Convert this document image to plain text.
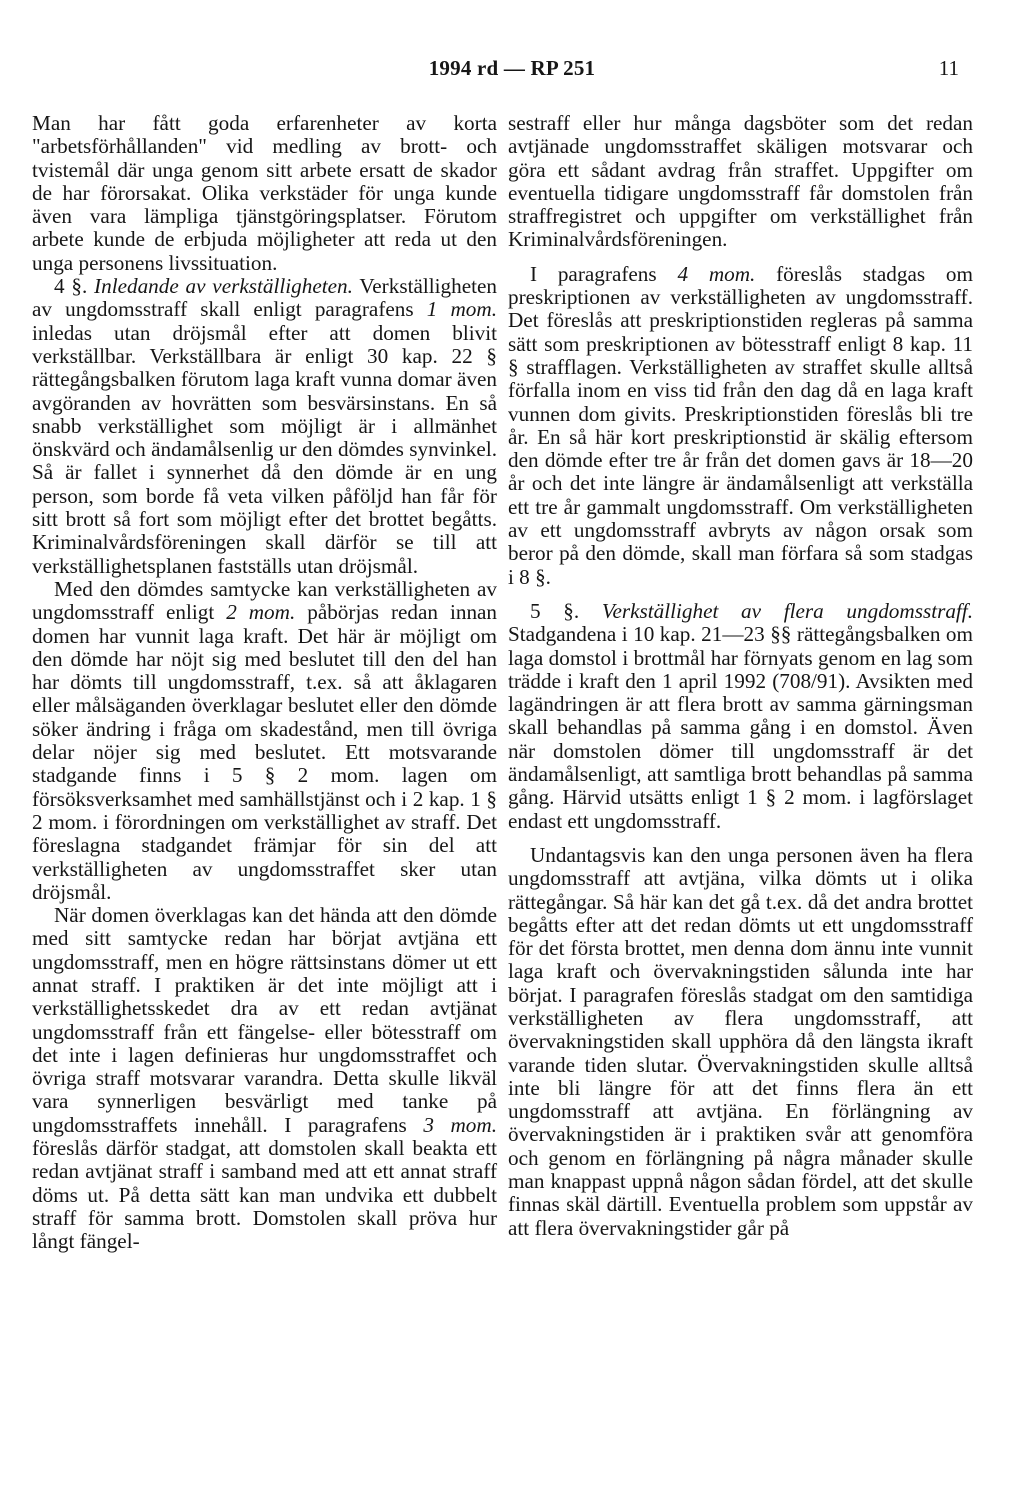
1994 rd — RP 251	11

Man har fått goda erfarenheter av korta "arbetsförhållanden" vid medling av brott- och tvistemål där unga genom sitt arbete ersatt de skador de har förorsakat. Olika verkstäder för unga kunde även vara lämpliga tjänstgöringsplatser. Förutom arbete kunde de erbjuda möjligheter att reda ut den unga personens livssituation.

4 §. Inledande av verkställigheten. Verkställigheten av ungdomsstraff skall enligt paragrafens 1 mom. inledas utan dröjsmål efter att domen blivit verkställbar. Verkställbara är enligt 30 kap. 22 § rättegångsbalken förutom laga kraft vunna domar även avgöranden av hovrätten som besvärsinstans. En så snabb verkställighet som möjligt är i allmänhet önskvärd och ändamålsenlig ur den dömdes synvinkel. Så är fallet i synnerhet då den dömde är en ung person, som borde få veta vilken påföljd han får för sitt brott så fort som möjligt efter det brottet begåtts. Kriminalvårdsföreningen skall därför se till att verkställighetsplanen fastställs utan dröjsmål.

Med den dömdes samtycke kan verkställigheten av ungdomsstraff enligt 2 mom. påbörjas redan innan domen har vunnit laga kraft. Det här är möjligt om den dömde har nöjt sig med beslutet till den del han har dömts till ungdomsstraff, t.ex. så att åklagaren eller målsäganden överklagar beslutet eller den dömde söker ändring i fråga om skadestånd, men till övriga delar nöjer sig med beslutet. Ett motsvarande stadgande finns i 5 § 2 mom. lagen om försöksverksamhet med samhällstjänst och i 2 kap. 1 § 2 mom. i förordningen om verkställighet av straff. Det föreslagna stadgandet främjar för sin del att verkställigheten av ungdomsstraffet sker utan dröjsmål.

När domen överklagas kan det hända att den dömde med sitt samtycke redan har börjat avtjäna ett ungdomsstraff, men en högre rättsinstans dömer ut ett annat straff. I praktiken är det inte möjligt att i verkställighetsskedet dra av ett redan avtjänat ungdomsstraff från ett fängelse- eller bötesstraff om det inte i lagen definieras hur ungdomsstraffet och övriga straff motsvarar varandra. Detta skulle likväl vara synnerligen besvärligt med tanke på ungdomsstraffets innehåll. I paragrafens 3 mom. föreslås därför stadgat, att domstolen skall beakta ett redan avtjänat straff i samband med att ett annat straff döms ut. På detta sätt kan man undvika ett dubbelt straff för samma brott. Domstolen skall pröva hur långt fängel-

sestraff eller hur många dagsböter som det redan avtjänade ungdomsstraffet skäligen motsvarar och göra ett sådant avdrag från straffet. Uppgifter om eventuella tidigare ungdomsstraff får domstolen från straffregistret och uppgifter om verkställighet från Kriminalvårdsföreningen.

I paragrafens 4 mom. föreslås stadgas om preskriptionen av verkställigheten av ungdomsstraff. Det föreslås att preskriptionstiden regleras på samma sätt som preskriptionen av bötesstraff enligt 8 kap. 11 § strafflagen. Verkställigheten av straffet skulle alltså förfalla inom en viss tid från den dag då en laga kraft vunnen dom givits. Preskriptionstiden föreslås bli tre år. En så här kort preskriptionstid är skälig eftersom den dömde efter tre år från det domen gavs är 18—20 år och det inte längre är ändamålsenligt att verkställa ett tre år gammalt ungdomsstraff. Om verkställigheten av ett ungdomsstraff avbryts av någon orsak som beror på den dömde, skall man förfara så som stadgas i 8 §.

5 §. Verkställighet av flera ungdomsstraff. Stadgandena i 10 kap. 21—23 §§ rättegångsbalken om laga domstol i brottmål har förnyats genom en lag som trädde i kraft den 1 april 1992 (708/91). Avsikten med lagändringen är att flera brott av samma gärningsman skall behandlas på samma gång i en domstol. Även när domstolen dömer till ungdomsstraff är det ändamålsenligt, att samtliga brott behandlas på samma gång. Härvid utsätts enligt 1 § 2 mom. i lagförslaget endast ett ungdomsstraff.

Undantagsvis kan den unga personen även ha flera ungdomsstraff att avtjäna, vilka dömts ut i olika rättegångar. Så här kan det gå t.ex. då det andra brottet begåtts efter att det redan dömts ut ett ungdomsstraff för det första brottet, men denna dom ännu inte vunnit laga kraft och övervakningstiden sålunda inte har börjat. I paragrafen föreslås stadgat om den samtidiga verkställigheten av flera ungdomsstraff, att övervakningstiden skall upphöra då den längsta ikraft varande tiden slutar. Övervakningstiden skulle alltså inte bli längre för att det finns flera än ett ungdomsstraff att avtjäna. En förlängning av övervakningstiden är i praktiken svår att genomföra och genom en förlängning på några månader skulle man knappast uppnå någon sådan fördel, att det skulle finnas skäl därtill. Eventuella problem som uppstår av att flera övervakningstider går på
